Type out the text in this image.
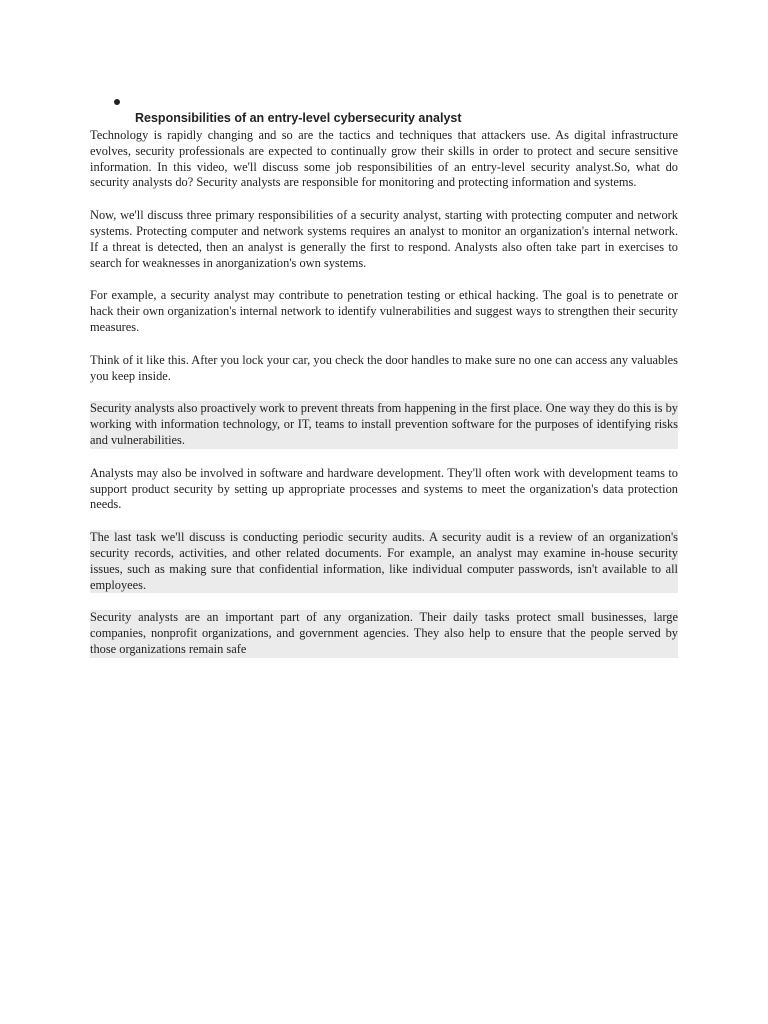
Responsibilities of an entry-level cybersecurity analyst

Technology is rapidly changing and so are the tactics and techniques that attackers use. As digital infrastructure evolves, security professionals are expected to continually grow their skills in order to protect and secure sensitive information. In this video, we'll discuss some job responsibilities of an entry-level security analyst.So, what do security analysts do? Security analysts are responsible for monitoring and protecting information and systems.

Now, we'll discuss three primary responsibilities of a security analyst, starting with protecting computer and network systems. Protecting computer and network systems requires an analyst to monitor an organization's internal network. If a threat is detected, then an analyst is generally the first to respond. Analysts also often take part in exercises to search for weaknesses in anorganization's own systems.

For example, a security analyst may contribute to penetration testing or ethical hacking. The goal is to penetrate or hack their own organization's internal network to identify vulnerabilities and suggest ways to strengthen their security measures.

Think of it like this. After you lock your car, you check the door handles to make sure no one can access any valuables you keep inside.

Security analysts also proactively work to prevent threats from happening in the first place. One way they do this is by working with information technology, or IT, teams to install prevention software for the purposes of identifying risks and vulnerabilities.

Analysts may also be involved in software and hardware development. They'll often work with development teams to support product security by setting up appropriate processes and systems to meet the organization's data protection needs.

The last task we'll discuss is conducting periodic security audits. A security audit is a review of an organization's security records, activities, and other related documents. For example, an analyst may examine in-house security issues, such as making sure that confidential information, like individual computer passwords, isn't available to all employees.

Security analysts are an important part of any organization. Their daily tasks protect small businesses, large companies, nonprofit organizations, and government agencies. They also help to ensure that the people served by those organizations remain safe
